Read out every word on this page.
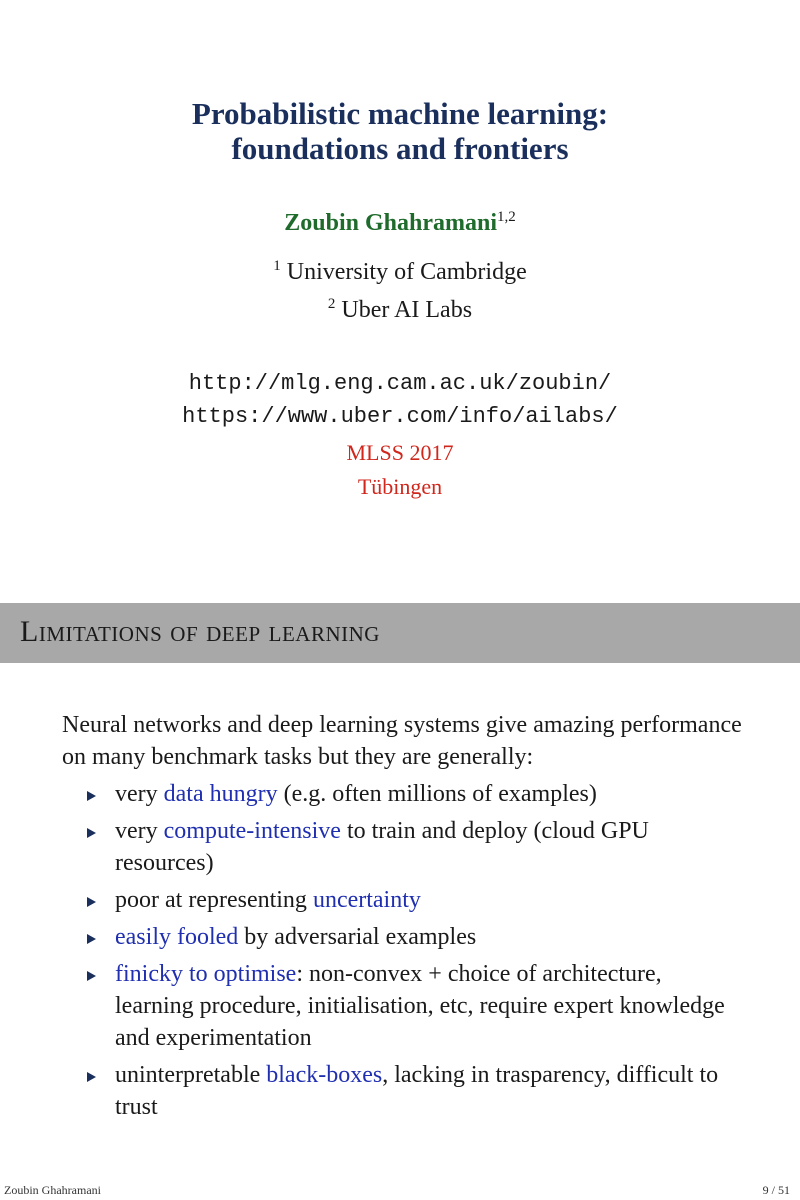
Probabilistic machine learning:
foundations and frontiers
Zoubin Ghahramani$^{1,2}$
$^1$ University of Cambridge
$^2$ Uber AI Labs
http://mlg.eng.cam.ac.uk/zoubin/
https://www.uber.com/info/ailabs/
MLSS 2017
Tübingen
Limitations of deep learning
Neural networks and deep learning systems give amazing performance on many benchmark tasks but they are generally:
very data hungry (e.g. often millions of examples)
very compute-intensive to train and deploy (cloud GPU resources)
poor at representing uncertainty
easily fooled by adversarial examples
finicky to optimise: non-convex + choice of architecture, learning procedure, initialisation, etc, require expert knowledge and experimentation
uninterpretable black-boxes, lacking in trasparency, difficult to trust
Zoubin Ghahramani	9 / 51
